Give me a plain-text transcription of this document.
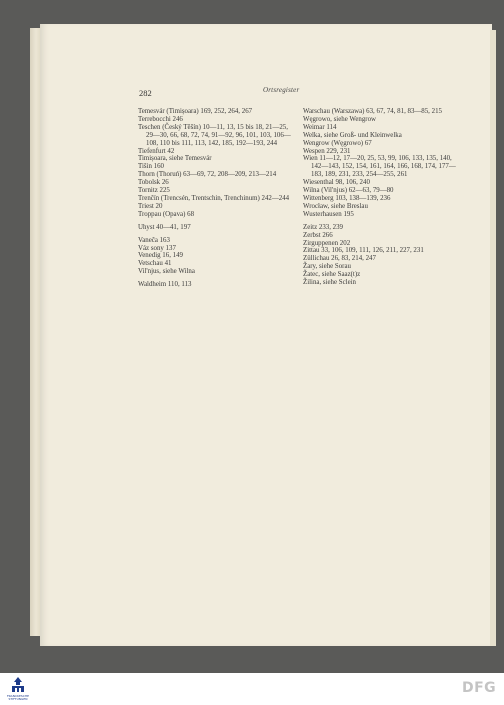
282	Ortsregister
Temesvár (Timișoara) 169, 252, 264, 267
Terrebocchi 246
Teschen (Český Těšín) 10—11, 13, 15 bis 18, 21—25, 29—30, 66, 68, 72, 74, 91—92, 96, 101, 103, 106—108, 110 bis 111, 113, 142, 185, 192—193, 244
Tiefenfurt 42
Timișoara, siehe Temesvár
Tišin 160
Thorn (Thoruń) 63—69, 72, 208—209, 213—214
Tobolsk 26
Tornitz 225
Trenčín (Trencsén, Trentschin, Trenchinum) 242—244
Triest 20
Troppau (Opava) 68
Uhyst 40—41, 197
Vaneča 163
Váz sony 137
Venedig 16, 149
Vetschau 41
Vil'njus, siehe Wilna
Waldheim 110, 113
Warschau (Warszawa) 63, 67, 74, 81, 83—85, 215
Węgrowo, siehe Wengrow
Weimar 114
Welka, siehe Groß- und Kleinwelka
Wengrow (Węgrowo) 67
Wespen 229, 231
Wien 11—12, 17—20, 25, 53, 99, 106, 133, 135, 140, 142—143, 152, 154, 161, 164, 166, 168, 174, 177—183, 189, 231, 233, 254—255, 261
Wiesenthal 98, 106, 240
Wilna (Vil'njus) 62—63, 79—80
Wittenberg 103, 138—139, 236
Wrocław, siehe Breslau
Wusterhausen 195
Zeitz 233, 239
Zerbst 266
Zirguppenen 202
Zittau 33, 106, 109, 111, 126, 211, 227, 231
Züllichau 26, 83, 214, 247
Žary, siehe Sorau
Žatec, siehe Saaz(t)z
Žilina, siehe Sclein
FRANCKESCHE STIFTUNGEN
DFG
